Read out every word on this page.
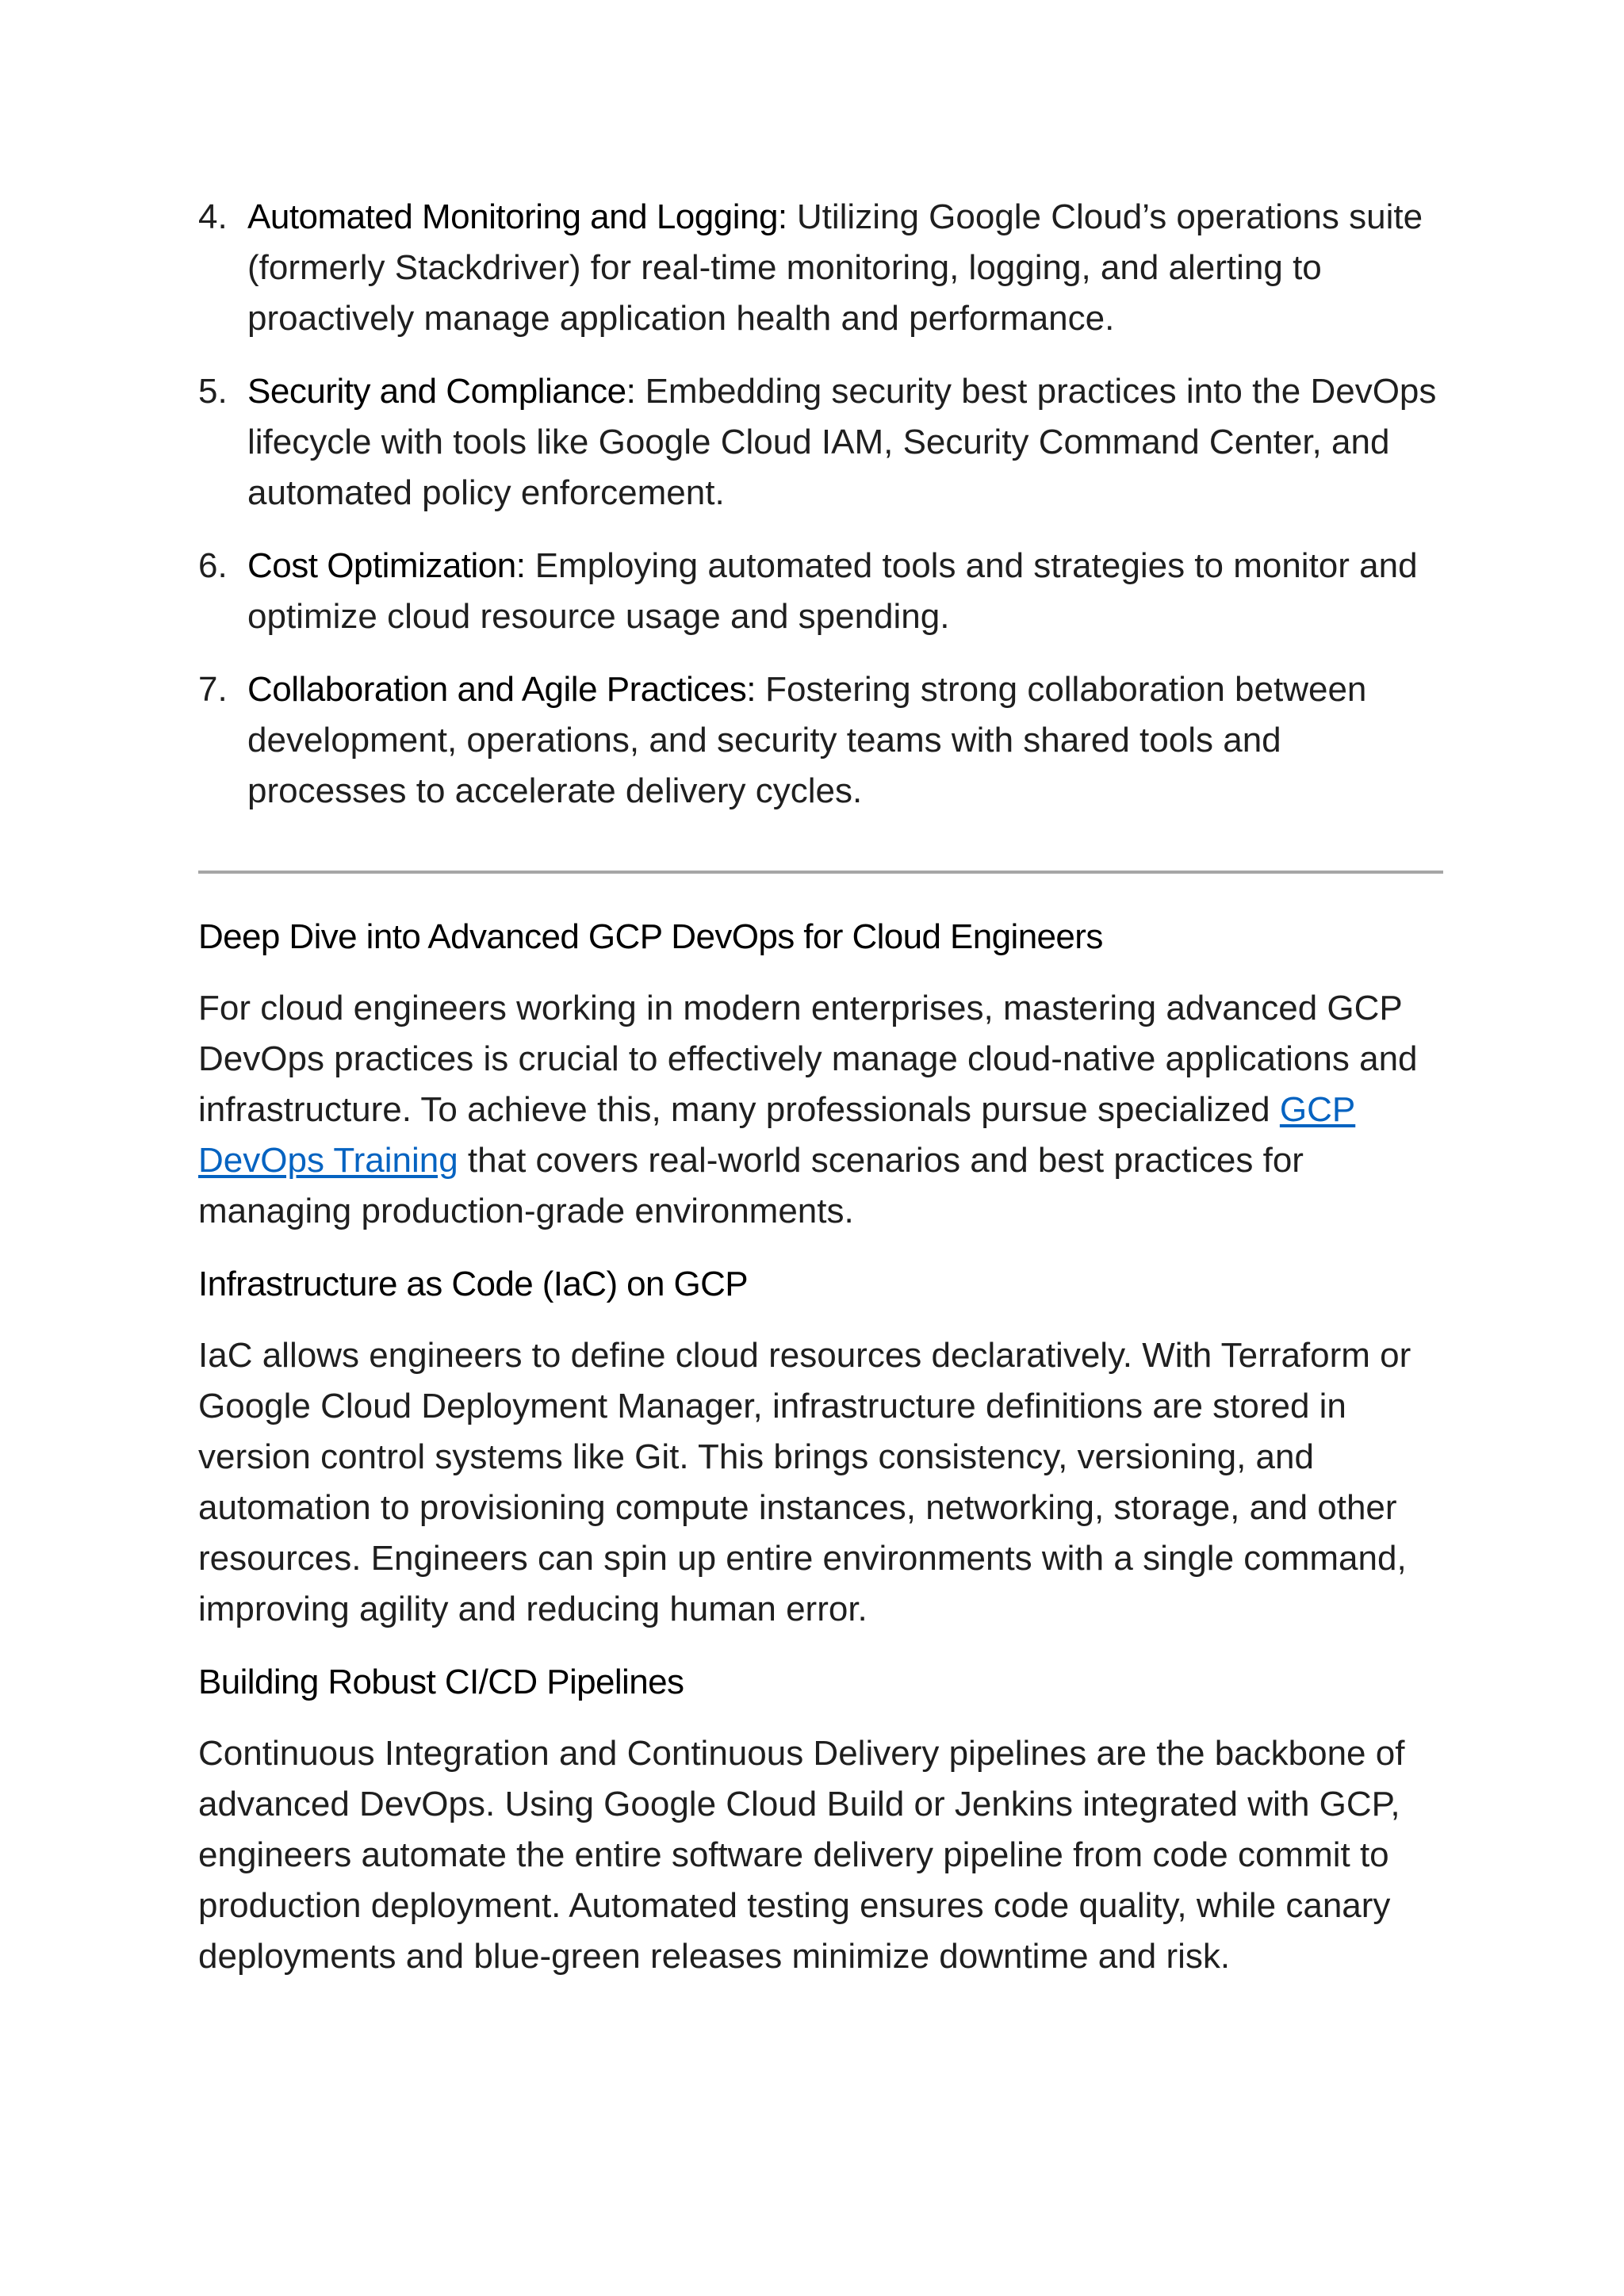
4. Automated Monitoring and Logging: Utilizing Google Cloud’s operations suite (formerly Stackdriver) for real-time monitoring, logging, and alerting to proactively manage application health and performance.
5. Security and Compliance: Embedding security best practices into the DevOps lifecycle with tools like Google Cloud IAM, Security Command Center, and automated policy enforcement.
6. Cost Optimization: Employing automated tools and strategies to monitor and optimize cloud resource usage and spending.
7. Collaboration and Agile Practices: Fostering strong collaboration between development, operations, and security teams with shared tools and processes to accelerate delivery cycles.
Deep Dive into Advanced GCP DevOps for Cloud Engineers

For cloud engineers working in modern enterprises, mastering advanced GCP DevOps practices is crucial to effectively manage cloud-native applications and infrastructure. To achieve this, many professionals pursue specialized GCP DevOps Training that covers real-world scenarios and best practices for managing production-grade environments.

Infrastructure as Code (IaC) on GCP

IaC allows engineers to define cloud resources declaratively. With Terraform or Google Cloud Deployment Manager, infrastructure definitions are stored in version control systems like Git. This brings consistency, versioning, and automation to provisioning compute instances, networking, storage, and other resources. Engineers can spin up entire environments with a single command, improving agility and reducing human error.

Building Robust CI/CD Pipelines

Continuous Integration and Continuous Delivery pipelines are the backbone of advanced DevOps. Using Google Cloud Build or Jenkins integrated with GCP, engineers automate the entire software delivery pipeline from code commit to production deployment. Automated testing ensures code quality, while canary deployments and blue-green releases minimize downtime and risk.
